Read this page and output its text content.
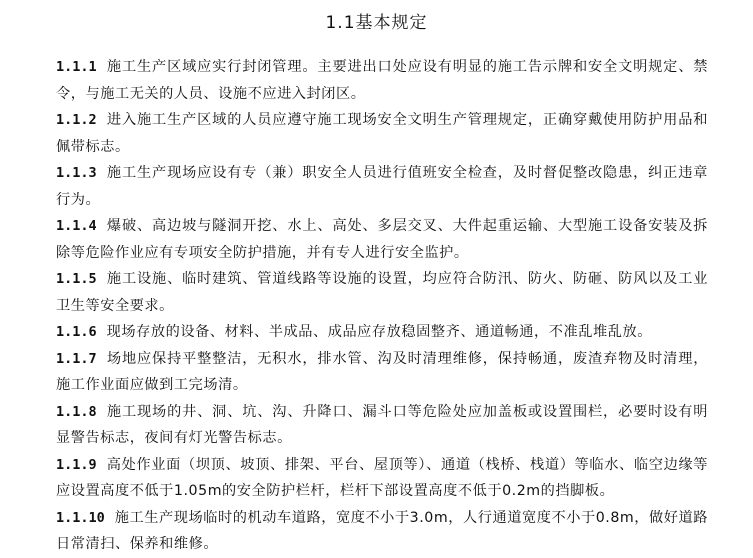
1.1基本规定

1.1.1 施工生产区域应实行封闭管理。主要进出口处应设有明显的施工告示牌和安全文明规定、禁令，与施工无关的人员、设施不应进入封闭区。

1.1.2 进入施工生产区域的人员应遵守施工现场安全文明生产管理规定，正确穿戴使用防护用品和佩带标志。

1.1.3 施工生产现场应设有专（兼）职安全人员进行值班安全检查，及时督促整改隐患，纠正违章行为。

1.1.4 爆破、高边坡与隧洞开挖、水上、高处、多层交叉、大件起重运输、大型施工设备安装及拆除等危险作业应有专项安全防护措施，并有专人进行安全监护。

1.1.5 施工设施、临时建筑、管道线路等设施的设置，均应符合防汛、防火、防砸、防风以及工业卫生等安全要求。

1.1.6 现场存放的设备、材料、半成品、成品应存放稳固整齐、通道畅通，不准乱堆乱放。

1.1.7 场地应保持平整整洁，无积水，排水管、沟及时清理维修，保持畅通，废渣弃物及时清理，施工作业面应做到工完场清。

1.1.8 施工现场的井、洞、坑、沟、升降口、漏斗口等危险处应加盖板或设置围栏，必要时设有明显警告标志，夜间有灯光警告标志。

1.1.9 高处作业面（坝顶、坡顶、排架、平台、屋顶等）、通道（栈桥、栈道）等临水、临空边缘等应设置高度不低于1.05m的安全防护栏杆，栏杆下部设置高度不低于0.2m的挡脚板。

1.1.10 施工生产现场临时的机动车道路，宽度不小于3.0m，人行通道宽度不小于0.8m，做好道路日常清扫、保养和维修。
